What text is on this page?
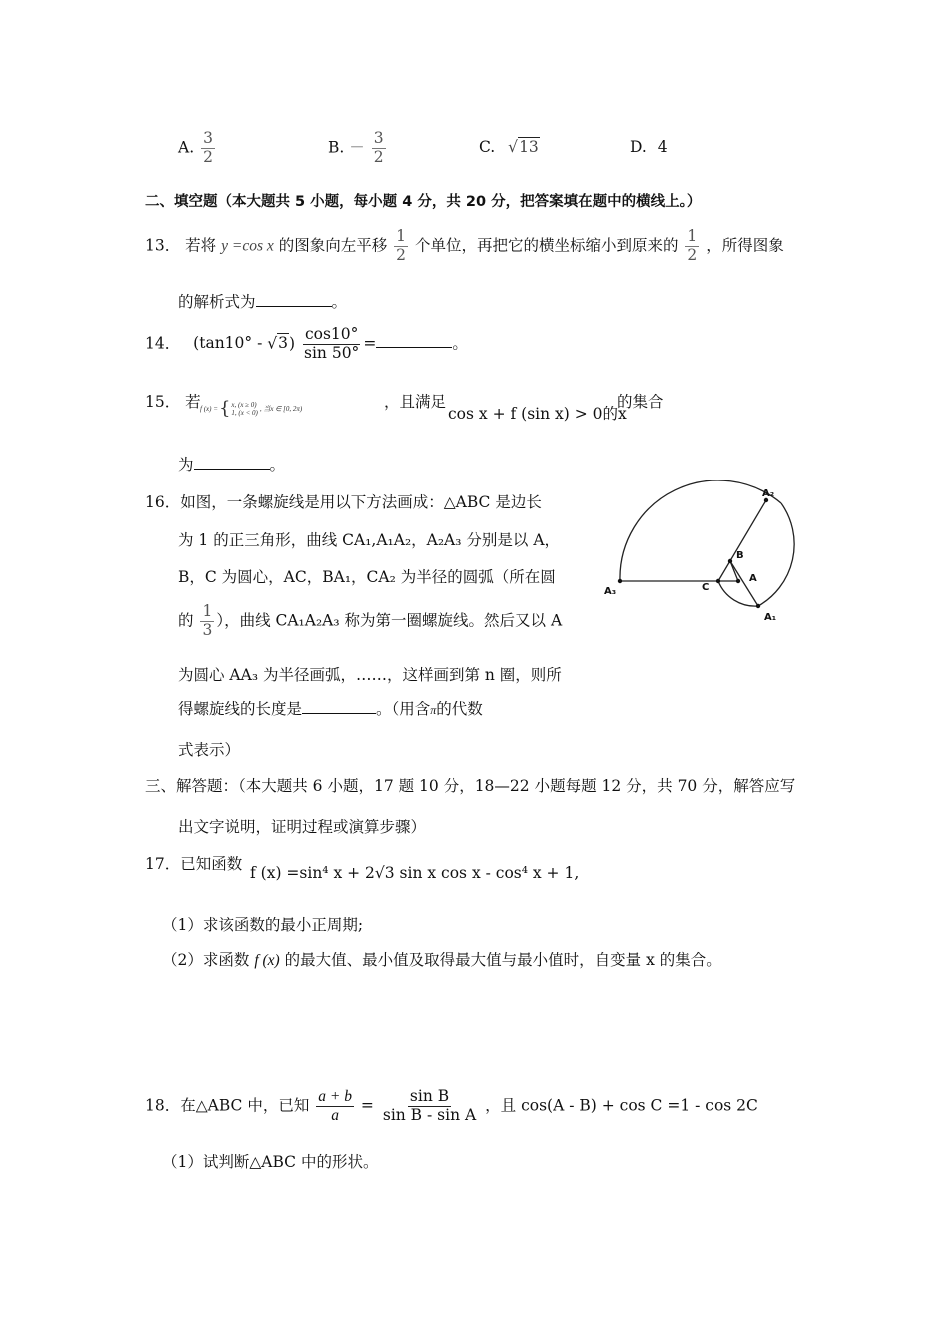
A. $\frac{3}{2}$	B. － $\frac{3}{2}$	C. √13	D. 4
二、填空题（本大题共 5 小题，每小题 4 分，共 20 分，把答案填在题中的横线上。）
13． 若将 y =cos x 的图象向左平移 $\frac{1}{2}$ 个单位，再把它的横坐标缩小到原来的 $\frac{1}{2}$ ，所得图象
的解析式为	。
14． $(\tan 10^\circ - √3) \frac{\cos 10^\circ}{\sin 50^\circ}$ =	。
15． 若 f (x) = { x, (x ≥ 0)
1, (x < 0) , 当x ∈ [0, 2π)	，且满足
cos x + f (sin x) > 0的x
的集合
为	。
16．如图，一条螺旋线是用以下方法画成：△ABC 是边长
为 1 的正三角形，曲线 CA₁,A₁A₂，A₂A₃ 分别是以 A，
B，C 为圆心，AC，BA₁，CA₂ 为半径的圆弧（所在圆
的 $\frac{1}{3}$ ），曲线 CA₁A₂A₃ 称为第一圈螺旋线。然后又以 A
为圆心 AA₃ 为半径画弧，……，这样画到第 n 圈，则所
得螺旋线的长度是	。（用含π的代数
式表示）
A₂
B
A
C
A₃
A₁
三、解答题：（本大题共 6 小题，17 题 10 分，18—22 小题每题 12 分，共 70 分，解答应写
出文字说明，证明过程或演算步骤）
17．已知函数 f (x) =sin⁴ x + 2√3 sin x cos x - cos⁴ x + 1,
（1）求该函数的最小正周期;
（2）求函数 f (x) 的最大值、最小值及取得最大值与最小值时，自变量 x 的集合。
18．在△ABC 中，已知 $\frac{a + b}{a} = \frac{\text{sin B}}{\text{sin B - sin A}}$ ，且 cos(A - B) + cos C =1 - cos 2C
（1）试判断△ABC 中的形状。
